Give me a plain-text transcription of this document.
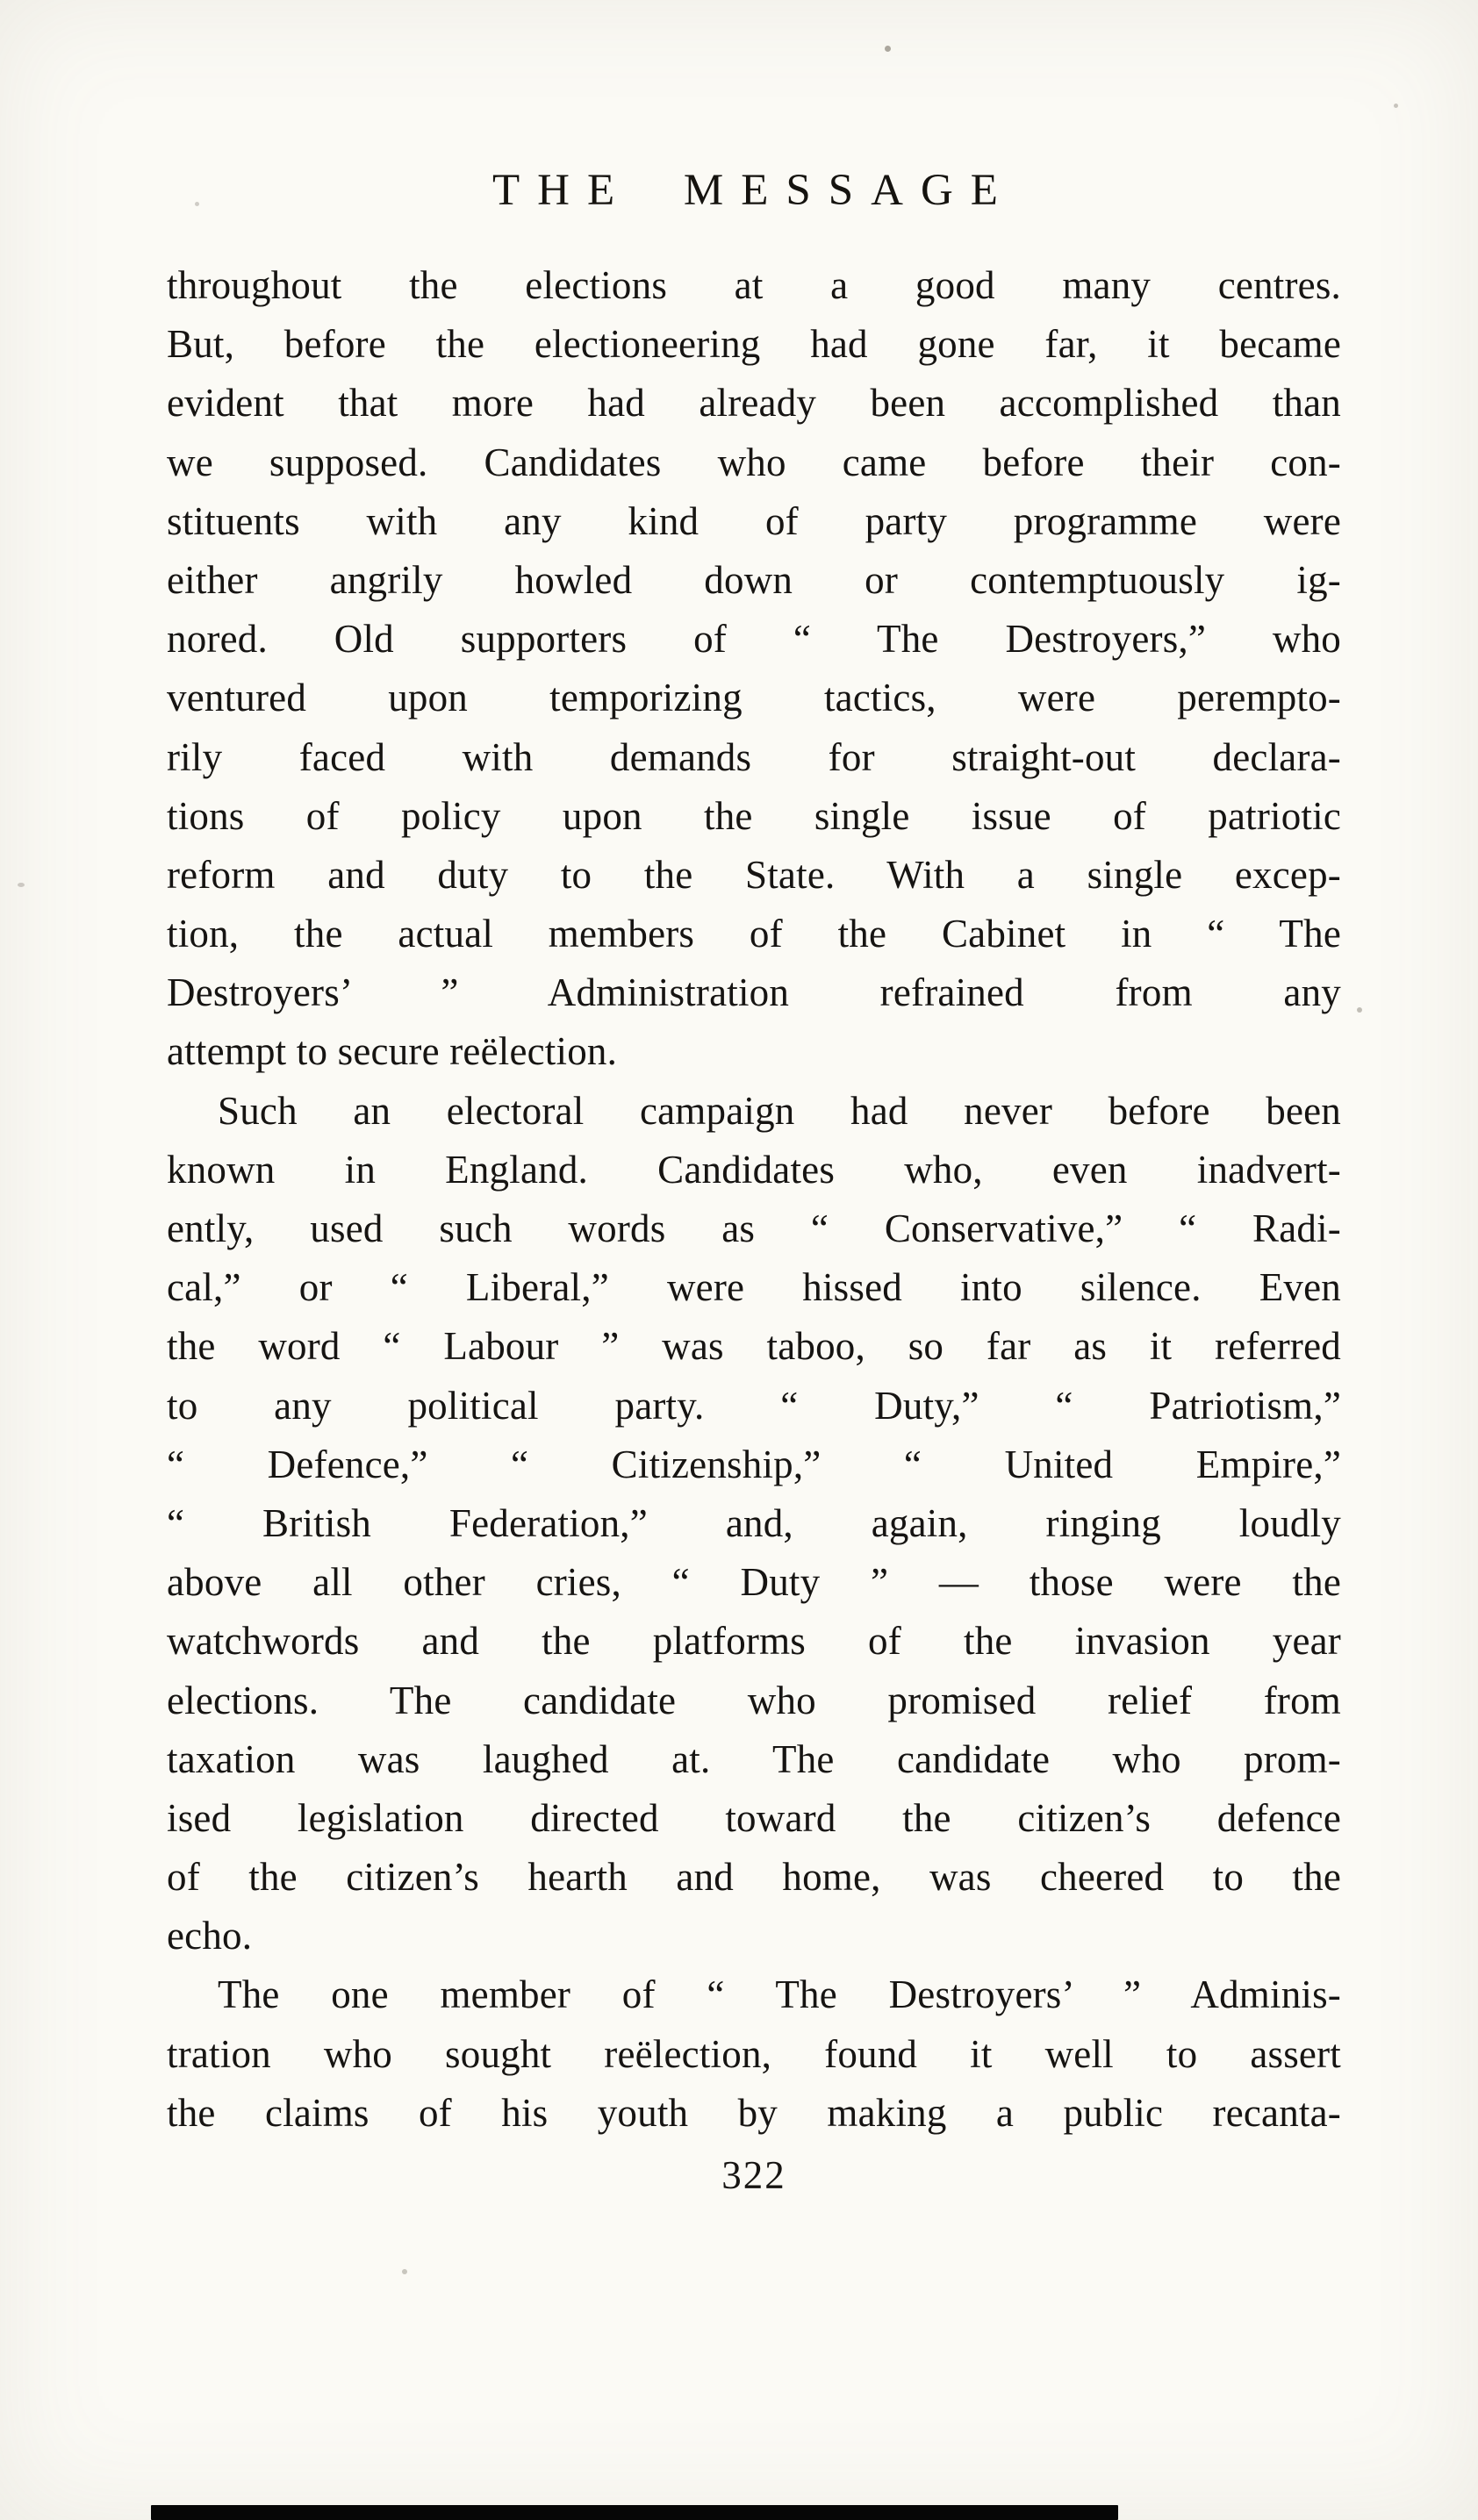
THE MESSAGE
throughout the elections at a good many centres.
But, before the electioneering had gone far, it became
evident that more had already been accomplished than
we supposed. Candidates who came before their con-
stituents with any kind of party programme were
either angrily howled down or contemptuously ig-
nored. Old supporters of “ The Destroyers,” who
ventured upon temporizing tactics, were perempto-
rily faced with demands for straight-out declara-
tions of policy upon the single issue of patriotic
reform and duty to the State. With a single excep-
tion, the actual members of the Cabinet in “ The
Destroyers’ ” Administration refrained from any
attempt to secure reëlection.
Such an electoral campaign had never before been
known in England. Candidates who, even inadvert-
ently, used such words as “ Conservative,” “ Radi-
cal,” or “ Liberal,” were hissed into silence. Even
the word “ Labour ” was taboo, so far as it referred
to any political party. “ Duty,” “ Patriotism,”
“ Defence,” “ Citizenship,” “ United Empire,”
“ British Federation,” and, again, ringing loudly
above all other cries, “ Duty ” — those were the
watchwords and the platforms of the invasion year
elections. The candidate who promised relief from
taxation was laughed at. The candidate who prom-
ised legislation directed toward the citizen’s defence
of the citizen’s hearth and home, was cheered to the
echo.
The one member of “ The Destroyers’ ” Adminis-
tration who sought reëlection, found it well to assert
the claims of his youth by making a public recanta-
322
